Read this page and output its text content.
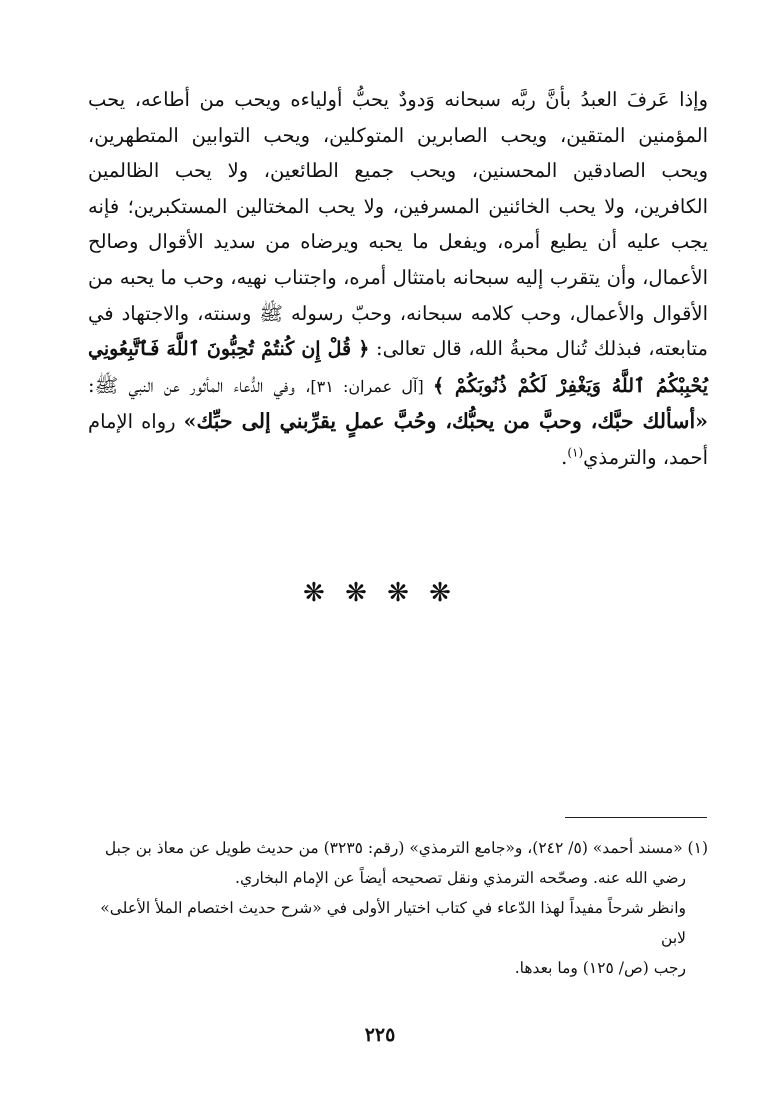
وإذا عَرفَ العبدُ بأنَّ ربَّه سبحانه وَدودٌ يحبُّ أولياءه ويحب من أطاعه، يحب المؤمنين المتقين، ويحب الصابرين المتوكلين، ويحب التوابين المتطهرين، ويحب الصادقين المحسنين، ويحب جميع الطائعين، ولا يحب الظالمين الكافرين، ولا يحب الخائنين المسرفين، ولا يحب المختالين المستكبرين؛ فإنه يجب عليه أن يطيع أمره، ويفعل ما يحبه ويرضاه من سديد الأقوال وصالح الأعمال، وأن يتقرب إليه سبحانه بامتثال أمره، واجتناب نهيه، وحب ما يحبه من الأقوال والأعمال، وحب كلامه سبحانه، وحبّ رسوله ﷺ وسنته، والاجتهاد في متابعته، فبذلك تُنال محبةُ الله، قال تعالى: ﴿ قُلْ إِن كُنتُمْ تُحِبُّونَ ٱللَّهَ فَٱتَّبِعُونِي يُحْبِبْكُمُ ٱللَّهُ وَيَغْفِرْ لَكُمْ ذُنُوبَكُمْ ﴾ [آل عمران: ٣١]، وفي الدُّعاء المأثور عن النبي ﷺ: «أسألك حبَّك، وحبَّ من يحبُّك، وحُبَّ عملٍ يقرِّبني إلى حبِّك» رواه الإمام أحمد، والترمذي$^{(١)}$.

❋ ❋ ❋ ❋

(١) «مسند أحمد» (٥/ ٢٤٢)، و«جامع الترمذي» (رقم: ٣٢٣٥) من حديث طويل عن معاذ بن جبل

رضي الله عنه. وصحّحه الترمذي ونقل تصحيحه أيضاً عن الإمام البخاري.

وانظر شرحاً مفيداً لهذا الدّعاء في كتاب اختيار الأولى في «شرح حديث اختصام الملأ الأعلى» لابن

رجب (ص/ ١٢٥) وما بعدها.

٢٢٥
